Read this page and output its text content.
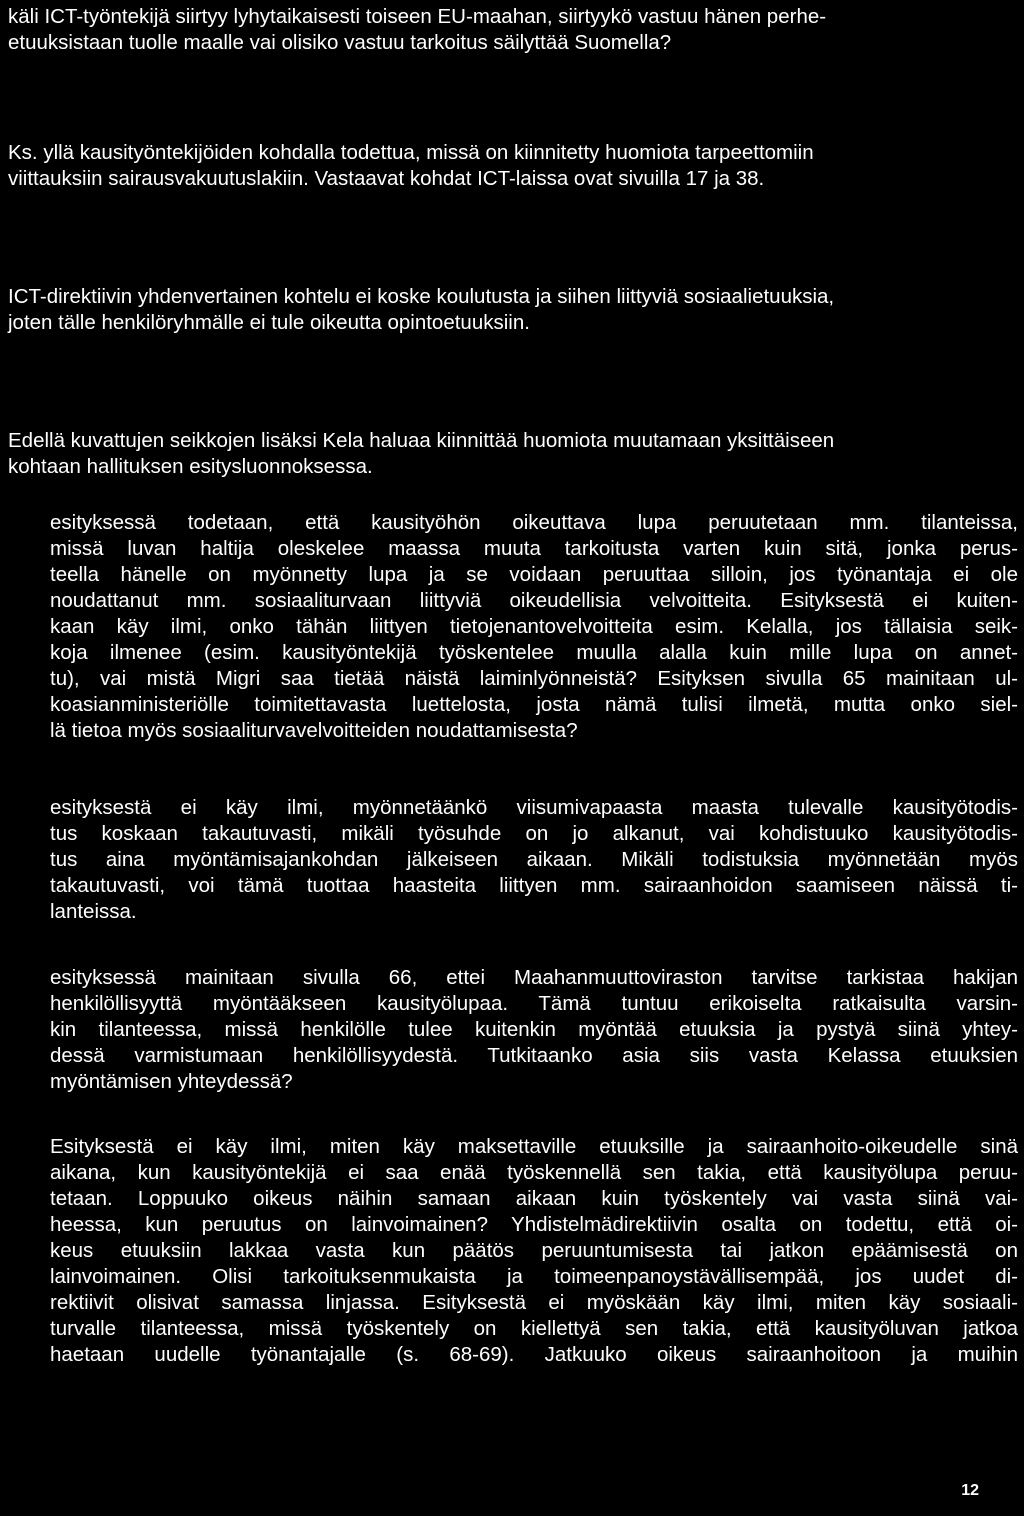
käli ICT-työntekijä siirtyy lyhytaikaisesti toiseen EU-maahan, siirtyykö vastuu hänen perhe-
etuuksistaan tuolle maalle vai olisiko vastuu tarkoitus säilyttää Suomella?
Ks. yllä kausityöntekijöiden kohdalla todettua, missä on kiinnitetty huomiota tarpeettomiin
viittauksiin sairausvakuutuslakiin. Vastaavat kohdat ICT-laissa ovat sivuilla 17 ja 38.
ICT-direktiivin yhdenvertainen kohtelu ei koske koulutusta ja siihen liittyviä sosiaalietuuksia,
joten tälle henkilöryhmälle ei tule oikeutta opintoetuuksiin.
Edellä kuvattujen seikkojen lisäksi Kela haluaa kiinnittää huomiota muutamaan yksittäiseen
kohtaan hallituksen esitysluonnoksessa.
esityksessä todetaan, että kausityöhön oikeuttava lupa peruutetaan mm. tilanteissa,
missä luvan haltija oleskelee maassa muuta tarkoitusta varten kuin sitä, jonka perus-
teella hänelle on myönnetty lupa ja se voidaan peruuttaa silloin, jos työnantaja ei ole
noudattanut mm. sosiaaliturvaan liittyviä oikeudellisia velvoitteita. Esityksestä ei kuiten-
kaan käy ilmi, onko tähän liittyen tietojenantovelvoitteita esim. Kelalla, jos tällaisia seik-
koja ilmenee (esim. kausityöntekijä työskentelee muulla alalla kuin mille lupa on annet-
tu), vai mistä Migri saa tietää näistä laiminlyönneistä? Esityksen sivulla 65 mainitaan ul-
koasianministeriölle toimitettavasta luettelosta, josta nämä tulisi ilmetä, mutta onko siel-
lä tietoa myös sosiaaliturvavelvoitteiden noudattamisesta?
esityksestä ei käy ilmi, myönnetäänkö viisumivapaasta maasta tulevalle kausityötodis-
tus koskaan takautuvasti, mikäli työsuhde on jo alkanut, vai kohdistuuko kausityötodis-
tus aina myöntämisajankohdan jälkeiseen aikaan. Mikäli todistuksia myönnetään myös
takautuvasti, voi tämä tuottaa haasteita liittyen mm. sairaanhoidon saamiseen näissä ti-
lanteissa.
esityksessä mainitaan sivulla 66, ettei Maahanmuuttoviraston tarvitse tarkistaa hakijan
henkilöllisyyttä myöntääkseen kausityölupaa. Tämä tuntuu erikoiselta ratkaisulta varsin-
kin tilanteessa, missä henkilölle tulee kuitenkin myöntää etuuksia ja pystyä siinä yhtey-
dessä varmistumaan henkilöllisyydestä. Tutkitaanko asia siis vasta Kelassa etuuksien
myöntämisen yhteydessä?
Esityksestä ei käy ilmi, miten käy maksettaville etuuksille ja sairaanhoito-oikeudelle sinä
aikana, kun kausityöntekijä ei saa enää työskennellä sen takia, että kausityölupa peruu-
tetaan. Loppuuko oikeus näihin samaan aikaan kuin työskentely vai vasta siinä vai-
heessa, kun peruutus on lainvoimainen? Yhdistelmädirektiivin osalta on todettu, että oi-
keus etuuksiin lakkaa vasta kun päätös peruuntumisesta tai jatkon epäämisestä on
lainvoimainen. Olisi tarkoituksenmukaista ja toimeenpanoystävällisempää, jos uudet di-
rektiivit olisivat samassa linjassa. Esityksestä ei myöskään käy ilmi, miten käy sosiaali-
turvalle tilanteessa, missä työskentely on kiellettyä sen takia, että kausityöluvan jatkoa
haetaan uudelle työnantajalle (s. 68-69). Jatkuuko oikeus sairaanhoitoon ja muihin
12
